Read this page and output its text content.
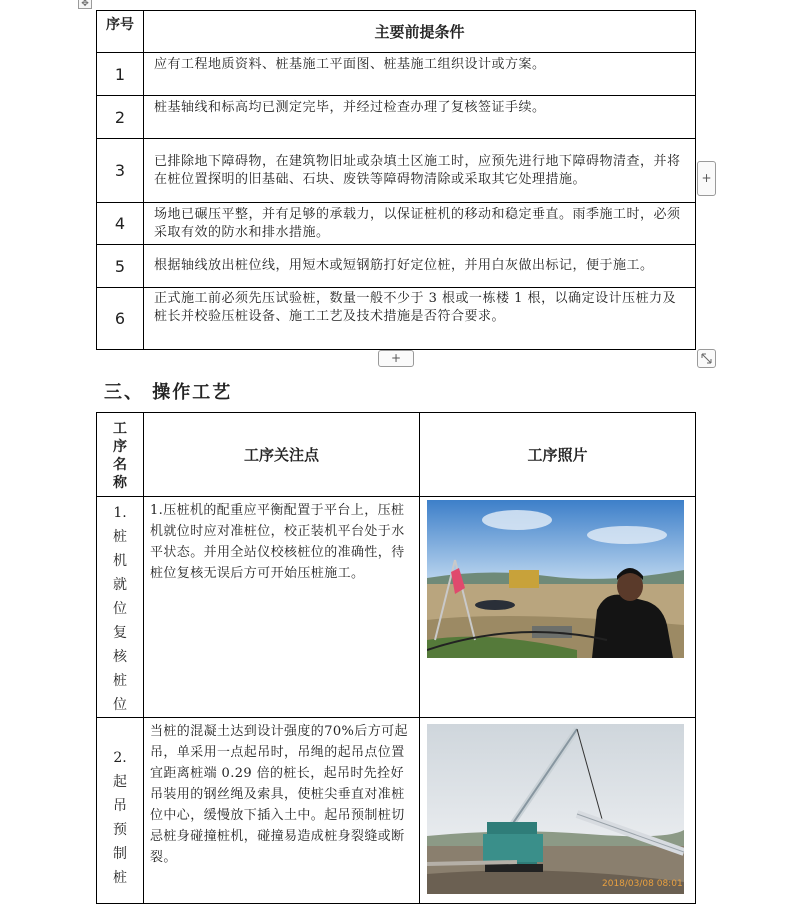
✥
序号	主要前提条件
1	应有工程地质资料、桩基施工平面图、桩基施工组织设计或方案。
2	桩基轴线和标高均已测定完毕，并经过检查办理了复核签证手续。
3	已排除地下障碍物，在建筑物旧址或杂填土区施工时，应预先进行地下障碍物清查，并将在桩位置探明的旧基础、石块、废铁等障碍物清除或采取其它处理措施。
4	场地已碾压平整，并有足够的承载力，以保证桩机的移动和稳定垂直。雨季施工时，必须采取有效的防水和排水措施。
5	根据轴线放出桩位线，用短木或短钢筋打好定位桩，并用白灰做出标记，便于施工。
6	正式施工前必须先压试验桩，数量一般不少于 3 根或一栋楼 1 根，以确定设计压桩力及桩长并校验压桩设备、施工工艺及技术措施是否符合要求。
+
+
三、 操作工艺
工序名称	工序关注点	工序照片

1.桩机就位复核桩位	1.压桩机的配重应平衡配置于平台上，压桩机就位时应对准桩位，校正装机平台处于水平状态。并用全站仪校核桩位的准确性，待桩位复核无误后方可开始压桩施工。	

2.起吊预制桩	当桩的混凝土达到设计强度的70%后方可起吊，单采用一点起吊时，吊绳的起吊点位置宜距离桩端 0.29 倍的桩长，起吊时先拴好吊装用的钢丝绳及索具，使桩尖垂直对准桩位中心，缓慢放下插入土中。起吊预制桩切忌桩身碰撞桩机，碰撞易造成桩身裂缝或断裂。	2018/03/08 08:01
